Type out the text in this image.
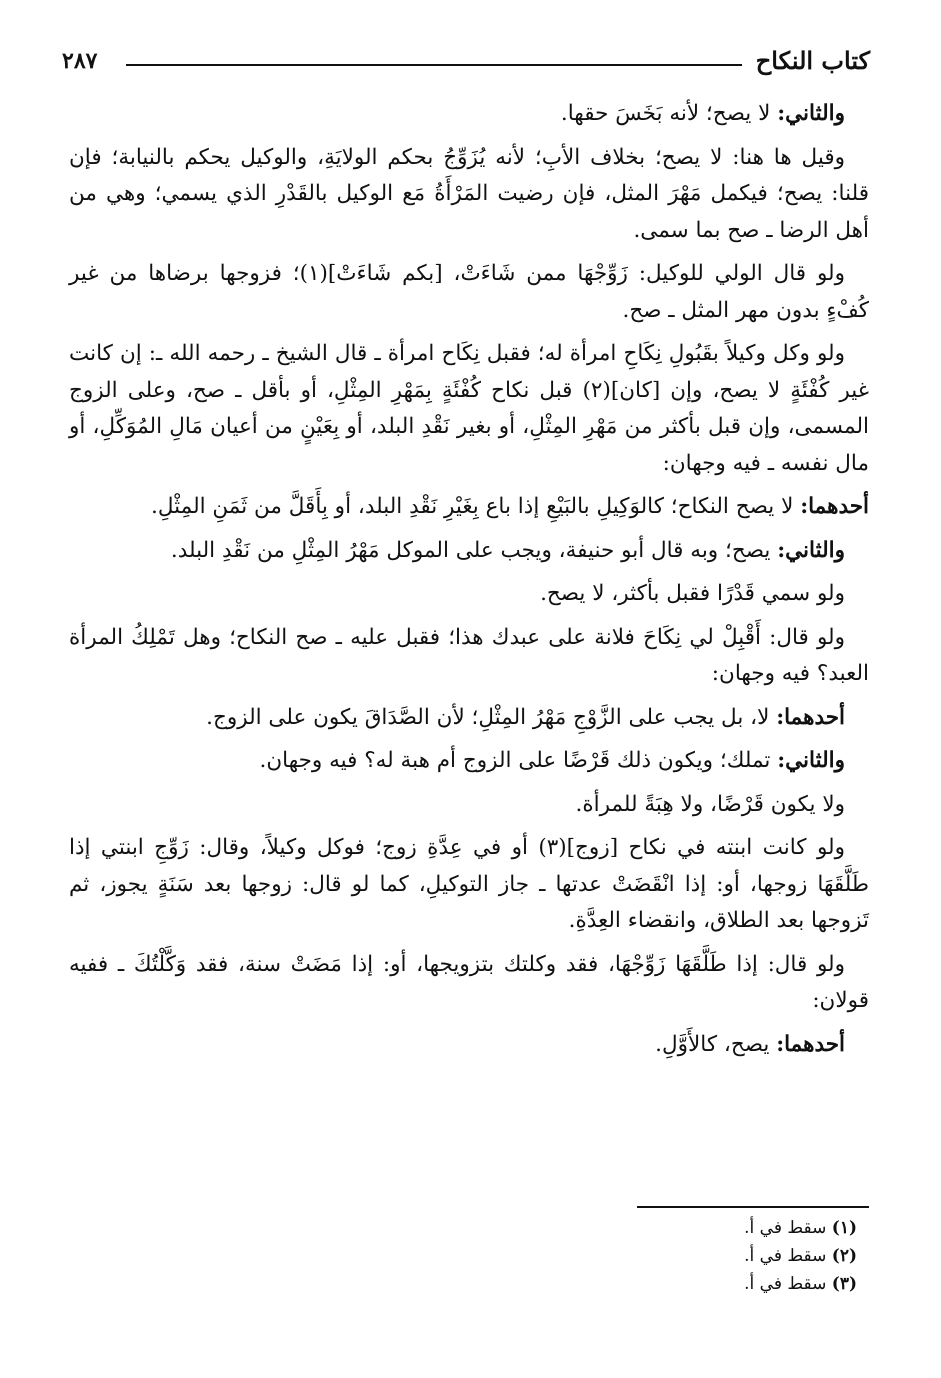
كتاب النكاح
٢٨٧

والثاني: لا يصح؛ لأنه بَخَسَ حقها.

وقيل ها هنا: لا يصح؛ بخلاف الأبِ؛ لأنه يُزَوِّجُ بحكم الولايَةِ، والوكيل يحكم بالنيابة؛ فإن قلنا: يصح؛ فيكمل مَهْرَ المثل، فإن رضيت المَرْأَةُ مَع الوكيل بالقَدْرِ الذي يسمي؛ وهي من أهل الرضا ـ صح بما سمى.

ولو قال الولي للوكيل: زَوِّجْهَا ممن شَاءَتْ، [بكم شَاءَتْ](١)؛ فزوجها برضاها من غير كُفْءٍ بدون مهر المثل ـ صح.

ولو وكل وكيلاً بقَبُولِ نِكَاحِ امرأة له؛ فقبل نِكَاح امرأة ـ قال الشيخ ـ رحمه الله ـ: إن كانت غير كُفْئَةٍ لا يصح، وإن [كان](٢) قبل نكاح كُفْئَةٍ بِمَهْرِ المِثْلِ، أو بأقل ـ صح، وعلى الزوج المسمى، وإن قبل بأكثر من مَهْرِ المِثْلِ، أو بغير نَقْدِ البلد، أو بِعَيْنٍ من أعيان مَالِ المُوَكِّلِ، أو مال نفسه ـ فيه وجهان:

أحدهما: لا يصح النكاح؛ كالوَكِيلِ بالبَيْعِ إذا باع بِغَيْرِ نَقْدِ البلد، أو بِأَقَلَّ من ثَمَنِ المِثْلِ.

والثاني: يصح؛ وبه قال أبو حنيفة، ويجب على الموكل مَهْرُ المِثْلِ من نَقْدِ البلد.

ولو سمي قَدْرًا فقبل بأكثر، لا يصح.

ولو قال: أَقْبِلْ لي نِكَاحَ فلانة على عبدك هذا؛ فقبل عليه ـ صح النكاح؛ وهل تَمْلِكُ المرأة العبد؟ فيه وجهان:

أحدهما: لا، بل يجب على الزَّوْجِ مَهْرُ المِثْلِ؛ لأن الصَّدَاقَ يكون على الزوج.

والثاني: تملك؛ ويكون ذلك قَرْضًا على الزوج أم هبة له؟ فيه وجهان.

ولا يكون قَرْضًا، ولا هِبَةً للمرأة.

ولو كانت ابنته في نكاح [زوج](٣) أو في عِدَّةِ زوج؛ فوكل وكيلاً، وقال: زَوِّجِ ابنتي إذا طَلَّقَهَا زوجها، أو: إذا انْقَضَتْ عدتها ـ جاز التوكيلِ، كما لو قال: زوجها بعد سَنَةٍ يجوز، ثم تَزوجها بعد الطلاق، وانقضاء العِدَّةِ.

ولو قال: إذا طَلَّقَهَا زَوِّجْهَا، فقد وكلتك بتزويجها، أو: إذا مَضَتْ سنة، فقد وَكَّلْتُكَ ـ ففيه قولان:

أحدهما: يصح، كالأَوَّلِ.

(١) سقط في أ.

(٢) سقط في أ.

(٣) سقط في أ.
